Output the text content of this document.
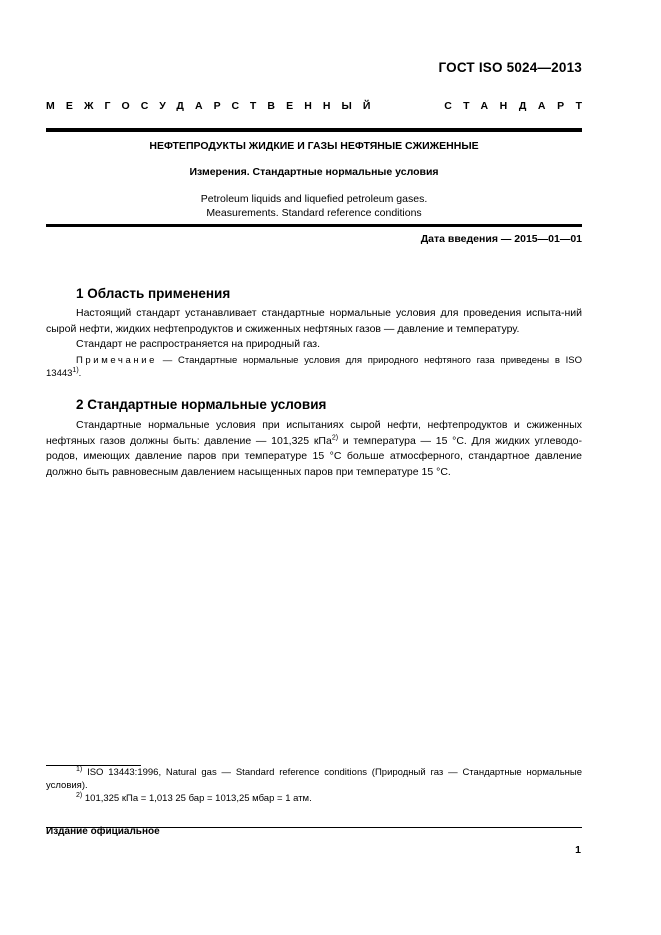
ГОСТ ISO 5024—2013
МЕЖГОСУДАРСТВЕННЫЙ	СТАНДАРТ
НЕФТЕПРОДУКТЫ ЖИДКИЕ И ГАЗЫ НЕФТЯНЫЕ СЖИЖЕННЫЕ
Измерения. Стандартные нормальные условия
Petroleum liquids and liquefied petroleum gases.
Measurements. Standard reference conditions
Дата введения — 2015—01—01
1 Область применения
Настоящий стандарт устанавливает стандартные нормальные условия для проведения испыта-ний сырой нефти, жидких нефтепродуктов и сжиженных нефтяных газов — давление и температуру.
Стандарт не распространяется на природный газ.
Примечание — Стандартные нормальные условия для природного нефтяного газа приведены в ISO 13443$^{1)}$.
2 Стандартные нормальные условия
Стандартные нормальные условия при испытаниях сырой нефти, нефтепродуктов и сжиженных нефтяных газов должны быть: давление — 101,325 кПа$^{2)}$ и температура — 15 °С. Для жидких углеводо-родов, имеющих давление паров при температуре 15 °С больше атмосферного, стандартное давление должно быть равновесным давлением насыщенных паров при температуре 15 °С.
$^{1)}$ ISO 13443:1996, Natural gas — Standard reference conditions (Природный газ — Стандартные нормальные условия).
$^{2)}$ 101,325 кПа = 1,013 25 бар = 1013,25 мбар = 1 атм.
Издание официальное
1
